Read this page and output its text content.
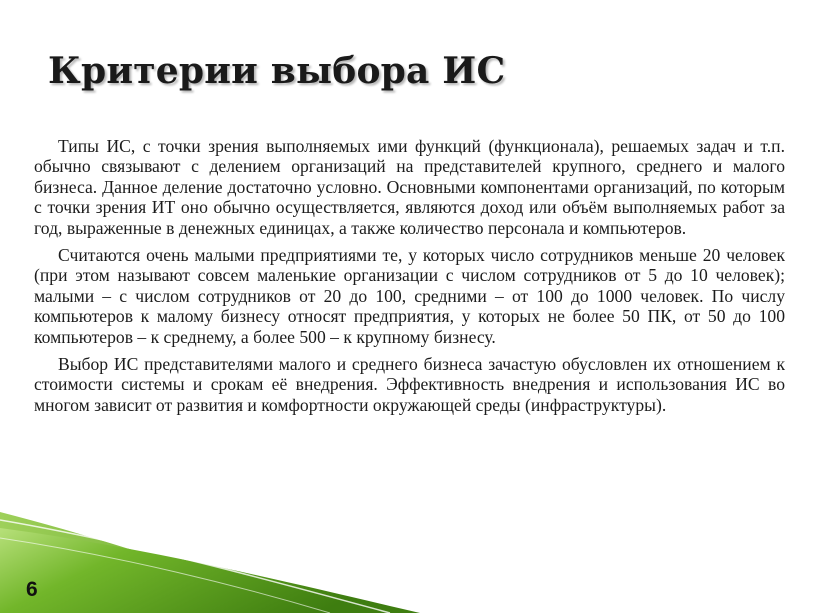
Критерии выбора ИС

Типы ИС, с точки зрения выполняемых ими функций (функционала), решаемых задач и т.п. обычно связывают с делением организаций на представителей крупного, среднего и малого бизнеса. Данное деление достаточно условно. Основными компонентами организаций, по которым с точки зрения ИТ оно обычно осуществляется, являются доход или объём выполняемых работ за год, выраженные в денежных единицах, а также количество персонала и компьютеров.

Считаются очень малыми предприятиями те, у которых число сотрудников меньше 20 человек (при этом называют совсем маленькие организации с числом сотрудников от 5 до 10 человек); малыми – с числом сотрудников от 20 до 100, средними – от 100 до 1000 человек. По числу компьютеров к малому бизнесу относят предприятия, у которых не более 50 ПК, от 50 до 100 компьютеров – к среднему, а более 500 – к крупному бизнесу.

Выбор ИС представителями малого и среднего бизнеса зачастую обусловлен их отношением к стоимости системы и срокам её внедрения. Эффективность внедрения и использования ИС во многом зависит от развития и комфортности окружающей среды (инфраструктуры).

6
